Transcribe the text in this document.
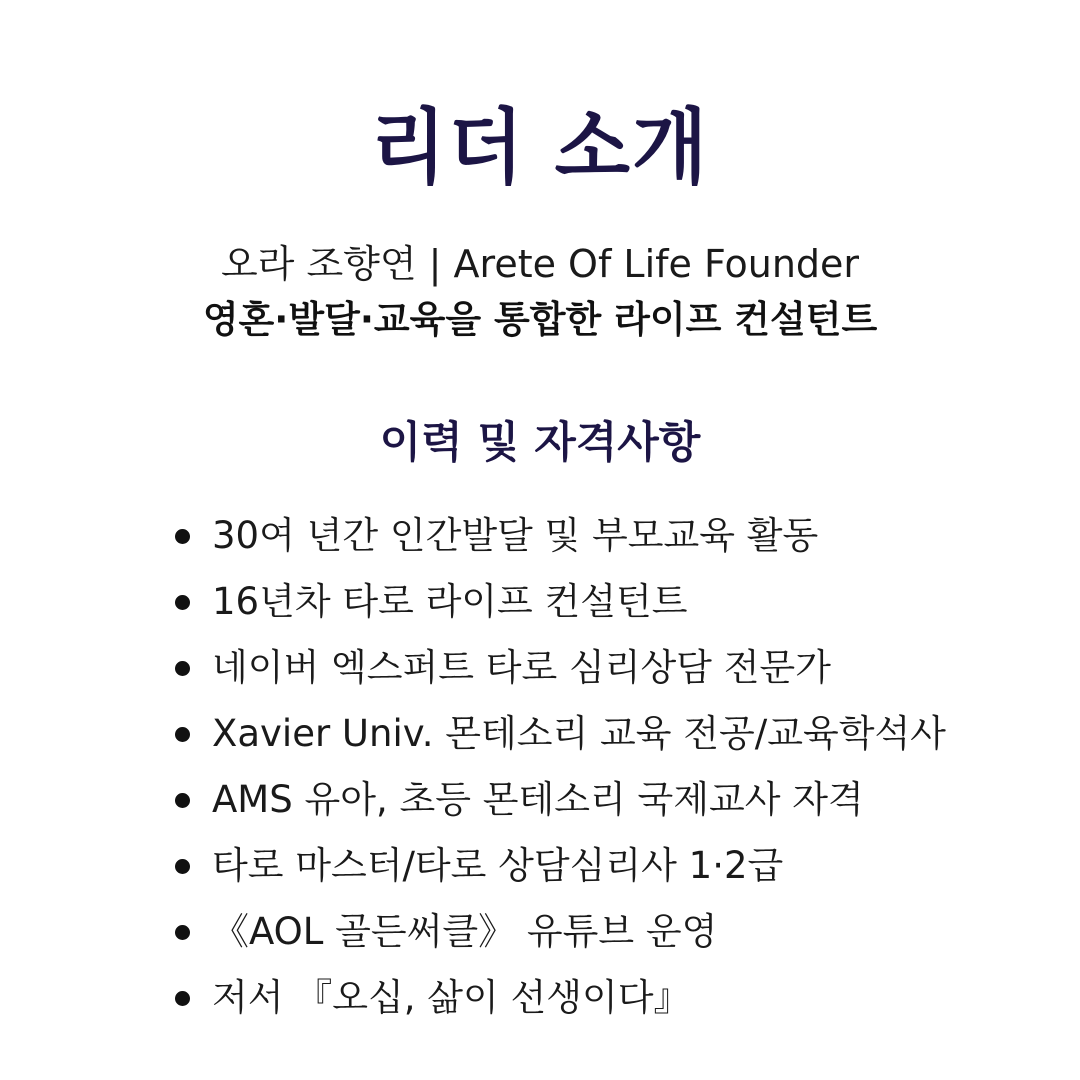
리더 소개
오라 조향연 | Arete Of Life Founder
영혼·발달·교육을 통합한 라이프 컨설턴트
이력 및 자격사항
30여 년간 인간발달 및 부모교육 활동
16년차 타로 라이프 컨설턴트
네이버 엑스퍼트 타로 심리상담 전문가
Xavier Univ. 몬테소리 교육 전공/교육학석사
AMS 유아, 초등 몬테소리 국제교사 자격
타로 마스터/타로 상담심리사 1·2급
《AOL 골든써클》 유튜브 운영
저서 『오십, 삶이 선생이다』
